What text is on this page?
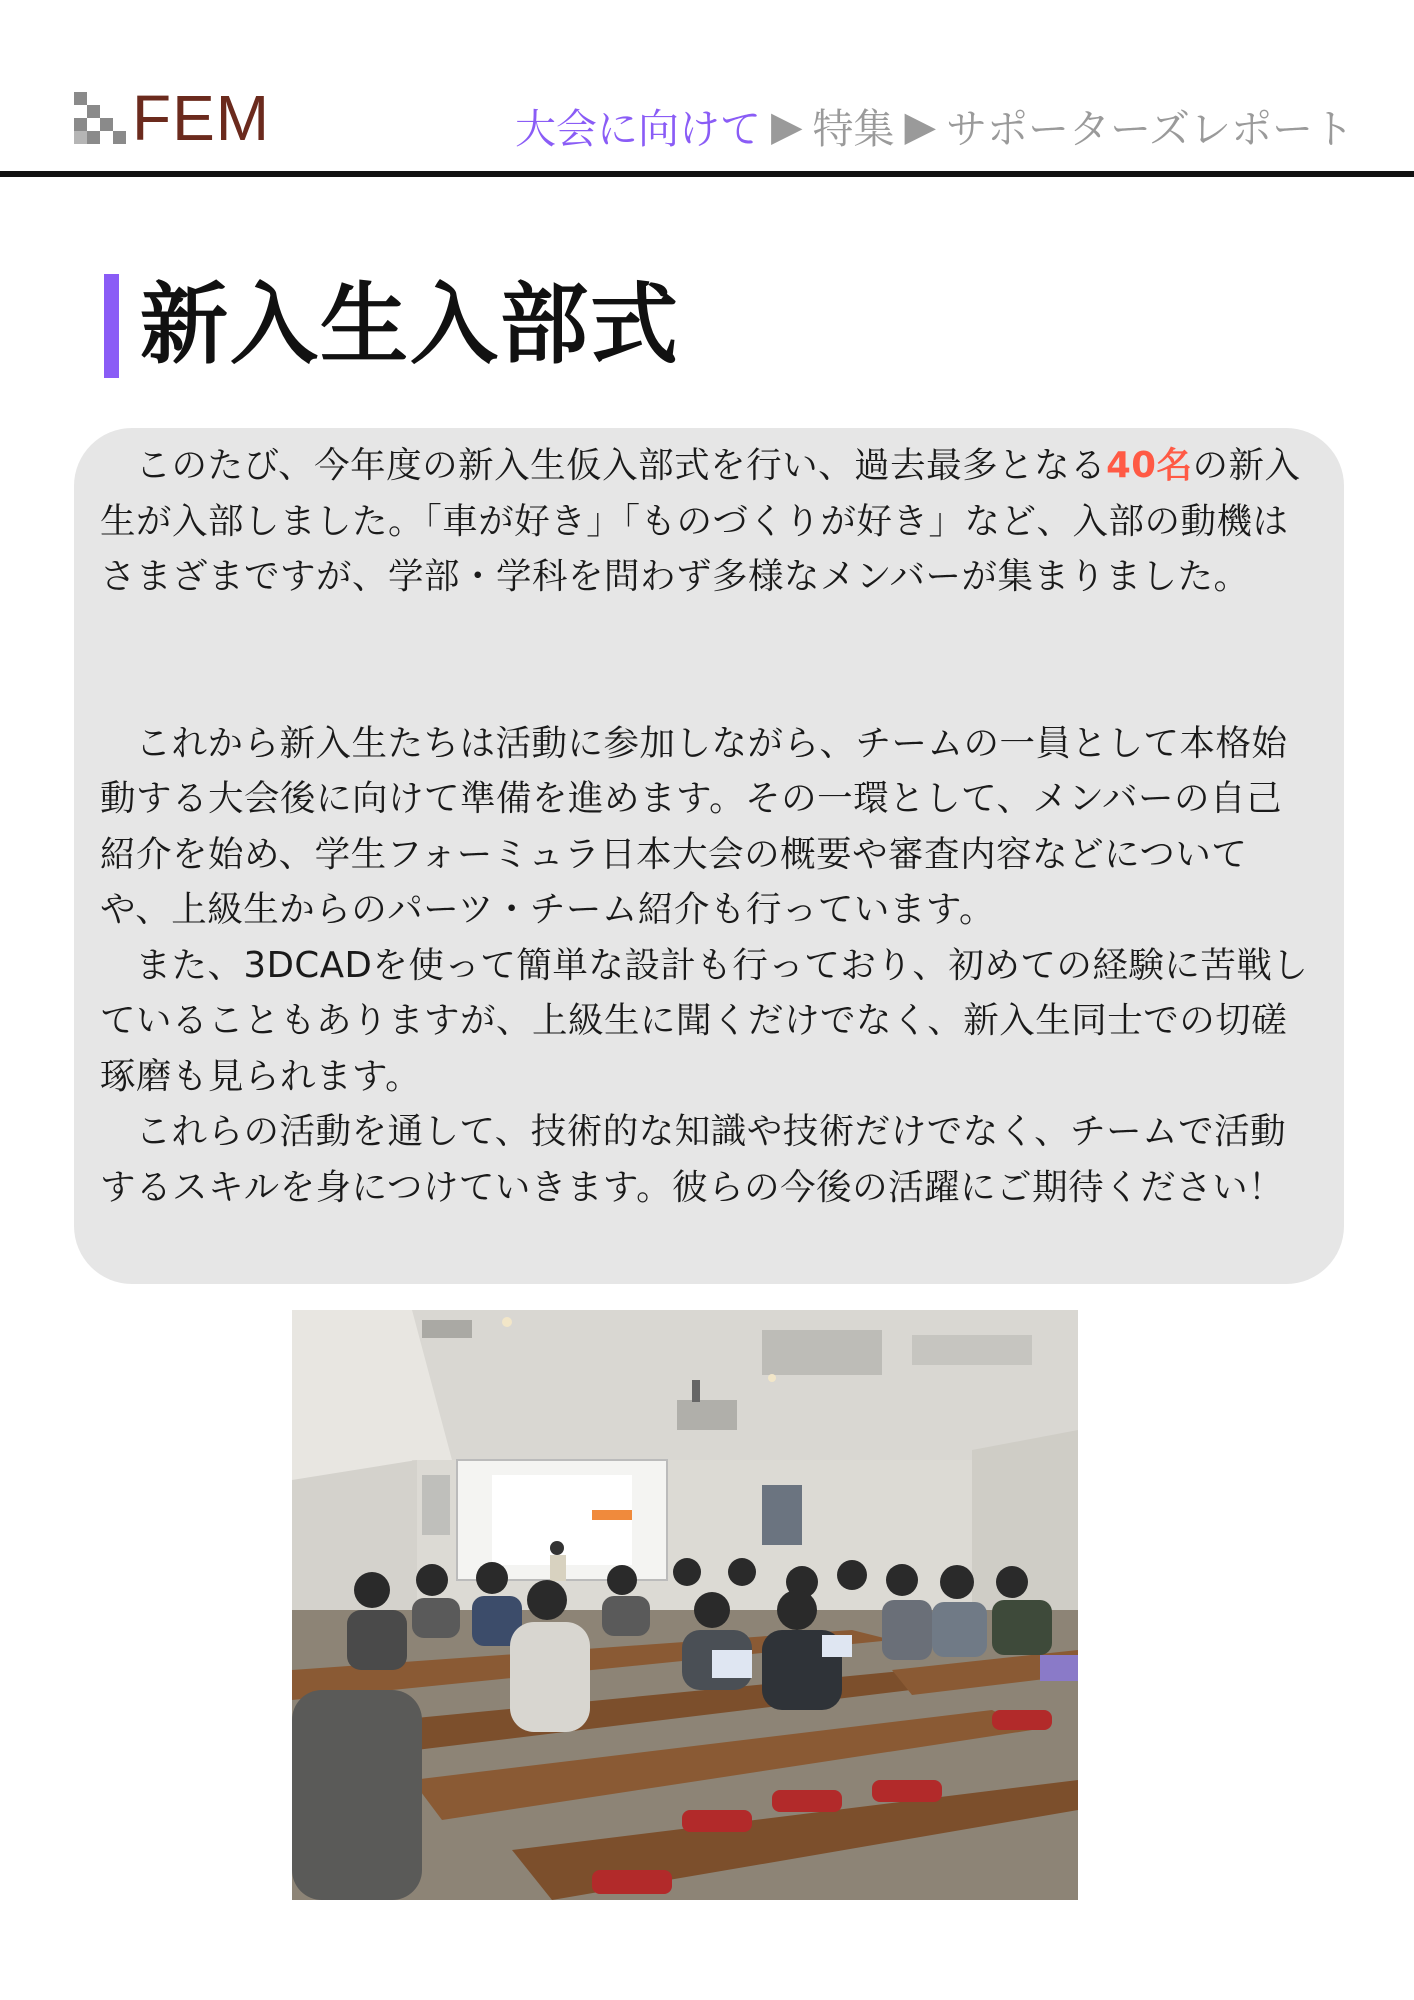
FEM	大会に向けて ▶ 特集 ▶ サポーターズレポート
新入生入部式

このたび、今年度の新入生仮入部式を行い、過去最多となる40名の新入生が入部しました。「車が好き」「ものづくりが好き」など、入部の動機はさまざまですが、学部・学科を問わず多様なメンバーが集まりました。

これから新入生たちは活動に参加しながら、チームの一員として本格始動する大会後に向けて準備を進めます。その一環として、メンバーの自己紹介を始め、学生フォーミュラ日本大会の概要や審査内容などについてや、上級生からのパーツ・チーム紹介も行っています。

また、3DCADを使って簡単な設計も行っており、初めての経験に苦戦していることもありますが、上級生に聞くだけでなく、新入生同士での切磋琢磨も見られます。

これらの活動を通して、技術的な知識や技術だけでなく、チームで活動するスキルを身につけていきます。彼らの今後の活躍にご期待ください！
